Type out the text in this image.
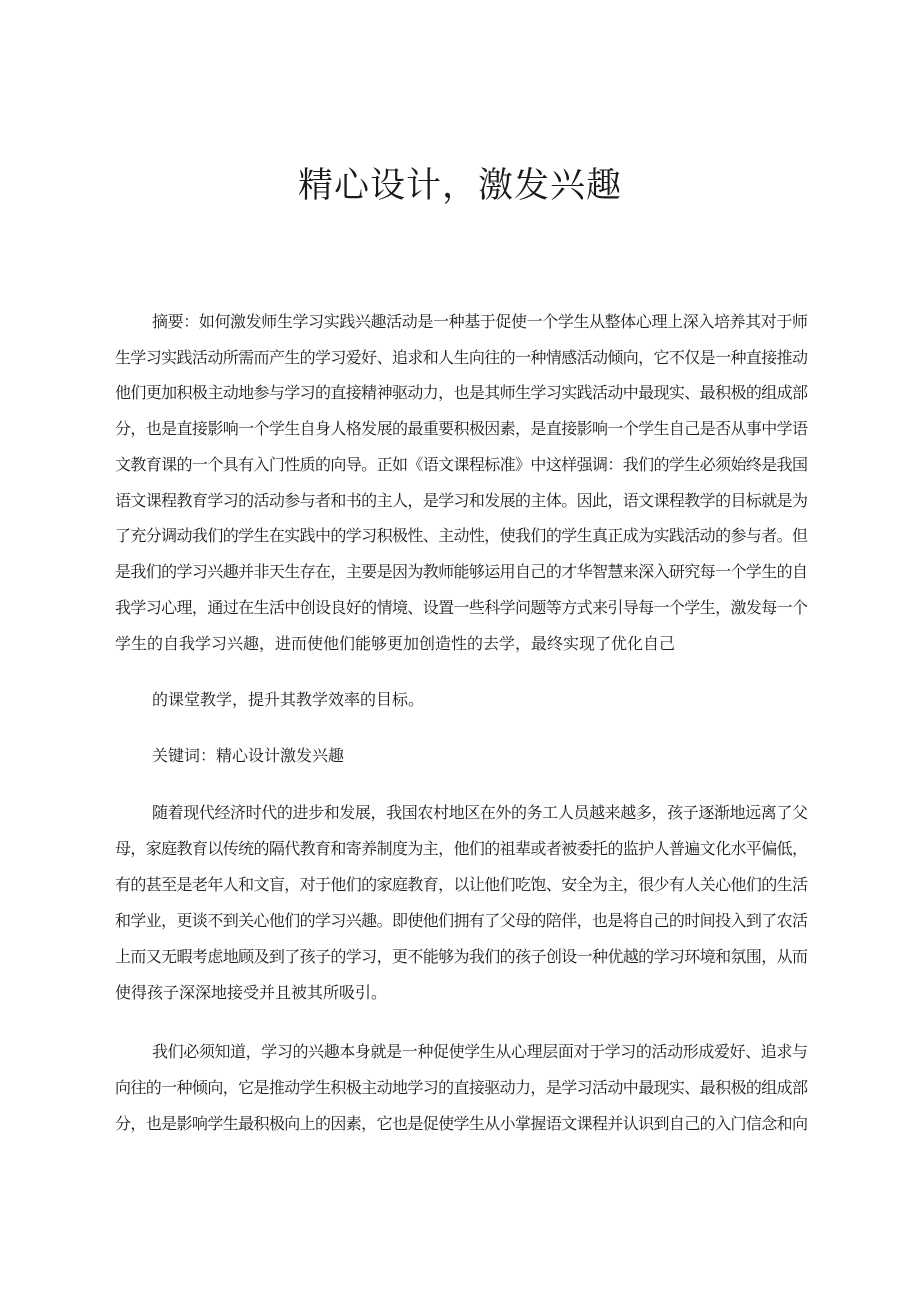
精心设计，激发兴趣

摘要：如何激发师生学习实践兴趣活动是一种基于促使一个学生从整体心理上深入培养其对于师

生学习实践活动所需而产生的学习爱好、追求和人生向往的一种情感活动倾向，它不仅是一种直接推动

他们更加积极主动地参与学习的直接精神驱动力，也是其师生学习实践活动中最现实、最积极的组成部

分，也是直接影响一个学生自身人格发展的最重要积极因素，是直接影响一个学生自己是否从事中学语

文教育课的一个具有入门性质的向导。正如《语文课程标准》中这样强调：我们的学生必须始终是我国

语文课程教育学习的活动参与者和书的主人，是学习和发展的主体。因此，语文课程教学的目标就是为

了充分调动我们的学生在实践中的学习积极性、主动性，使我们的学生真正成为实践活动的参与者。但

是我们的学习兴趣并非天生存在，主要是因为教师能够运用自己的才华智慧来深入研究每一个学生的自

我学习心理，通过在生活中创设良好的情境、设置一些科学问题等方式来引导每一个学生，激发每一个

学生的自我学习兴趣，进而使他们能够更加创造性的去学，最终实现了优化自己

的课堂教学，提升其教学效率的目标。

关键词：精心设计激发兴趣

随着现代经济时代的进步和发展，我国农村地区在外的务工人员越来越多，孩子逐渐地远离了父

母，家庭教育以传统的隔代教育和寄养制度为主，他们的祖辈或者被委托的监护人普遍文化水平偏低，

有的甚至是老年人和文盲，对于他们的家庭教育，以让他们吃饱、安全为主，很少有人关心他们的生活

和学业，更谈不到关心他们的学习兴趣。即使他们拥有了父母的陪伴，也是将自己的时间投入到了农活

上而又无暇考虑地顾及到了孩子的学习，更不能够为我们的孩子创设一种优越的学习环境和氛围，从而

使得孩子深深地接受并且被其所吸引。

我们必须知道，学习的兴趣本身就是一种促使学生从心理层面对于学习的活动形成爱好、追求与

向往的一种倾向，它是推动学生积极主动地学习的直接驱动力，是学习活动中最现实、最积极的组成部

分，也是影响学生最积极向上的因素，它也是促使学生从小掌握语文课程并认识到自己的入门信念和向
